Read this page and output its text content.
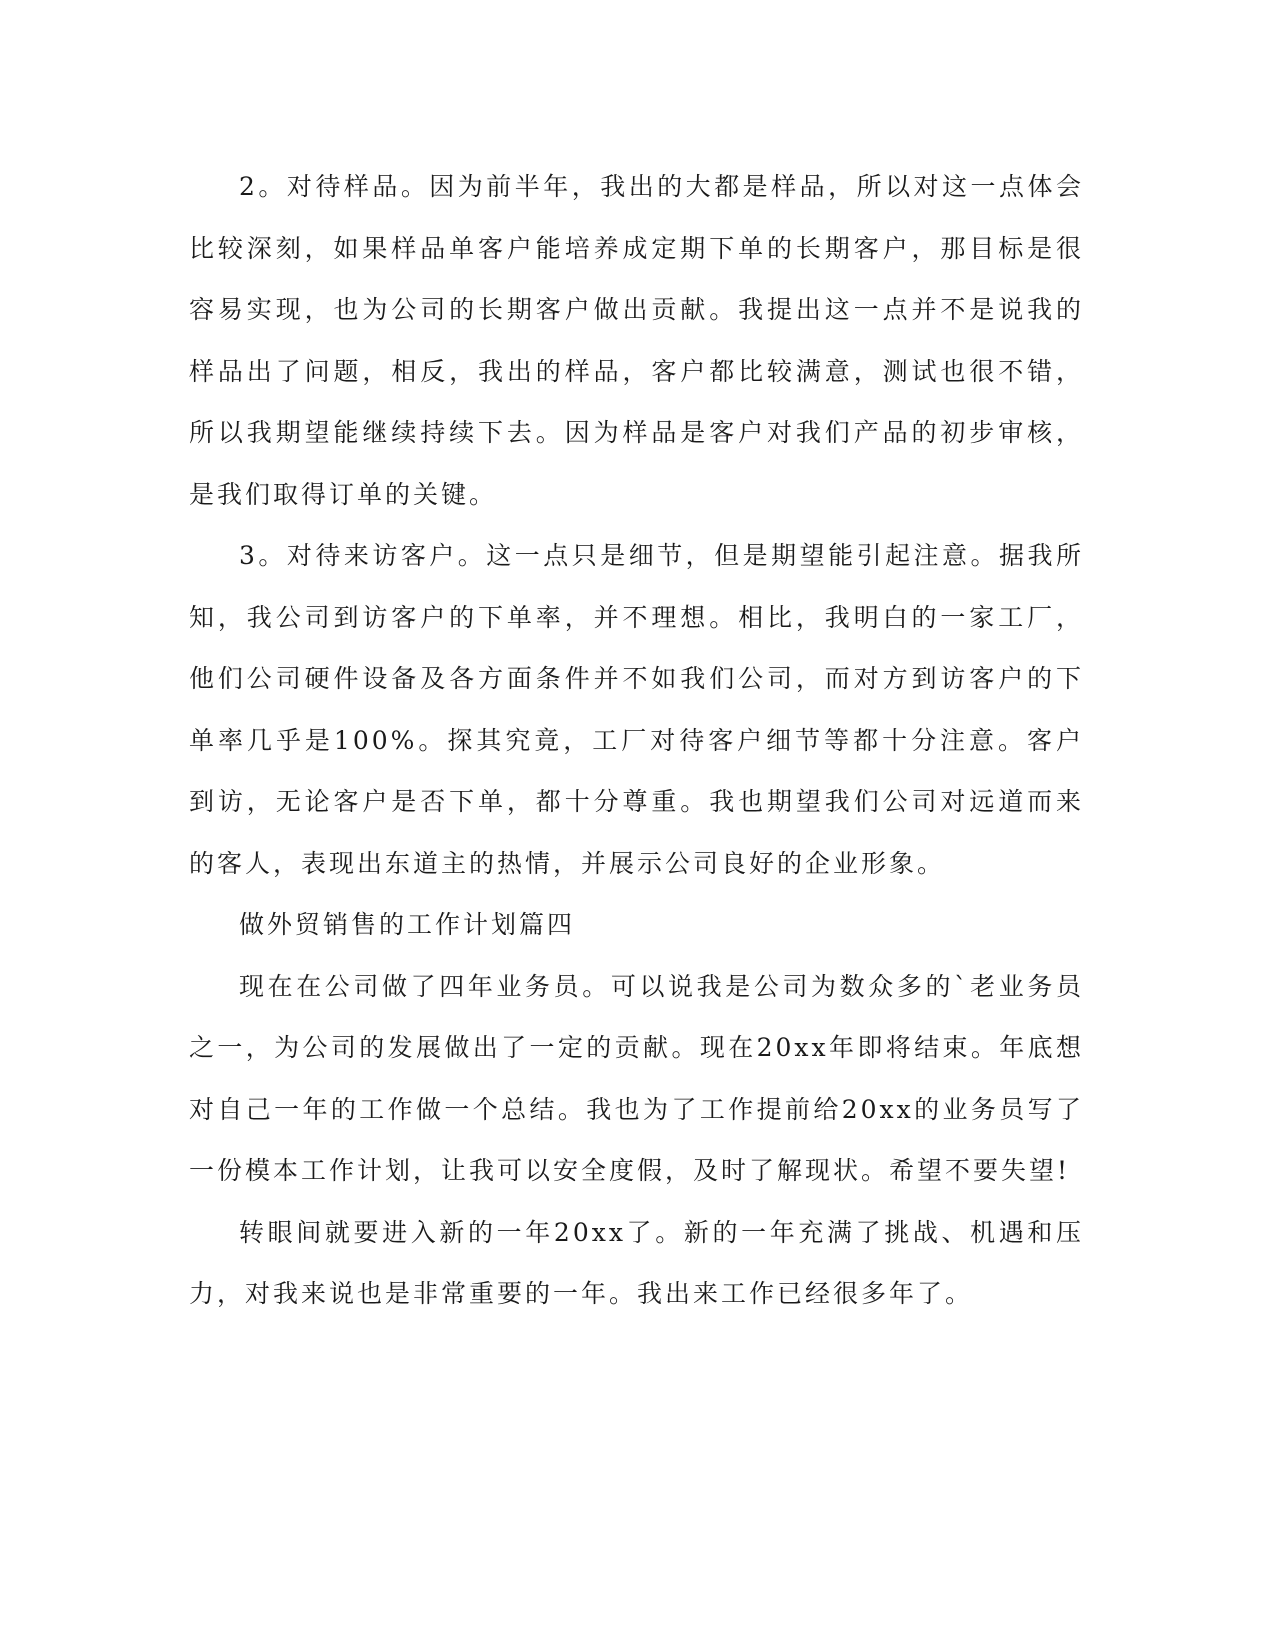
2。对待样品。因为前半年，我出的大都是样品，所以对这一点体会比较深刻，如果样品单客户能培养成定期下单的长期客户，那目标是很容易实现，也为公司的长期客户做出贡献。我提出这一点并不是说我的样品出了问题，相反，我出的样品，客户都比较满意，测试也很不错，所以我期望能继续持续下去。因为样品是客户对我们产品的初步审核，是我们取得订单的关键。

3。对待来访客户。这一点只是细节，但是期望能引起注意。据我所知，我公司到访客户的下单率，并不理想。相比，我明白的一家工厂，他们公司硬件设备及各方面条件并不如我们公司，而对方到访客户的下单率几乎是100%。探其究竟，工厂对待客户细节等都十分注意。客户到访，无论客户是否下单，都十分尊重。我也期望我们公司对远道而来的客人，表现出东道主的热情，并展示公司良好的企业形象。

做外贸销售的工作计划篇四

现在在公司做了四年业务员。可以说我是公司为数众多的`老业务员之一，为公司的发展做出了一定的贡献。现在20xx年即将结束。年底想对自己一年的工作做一个总结。我也为了工作提前给20xx的业务员写了一份模本工作计划，让我可以安全度假，及时了解现状。希望不要失望!

转眼间就要进入新的一年20xx了。新的一年充满了挑战、机遇和压力，对我来说也是非常重要的一年。我出来工作已经很多年了。
